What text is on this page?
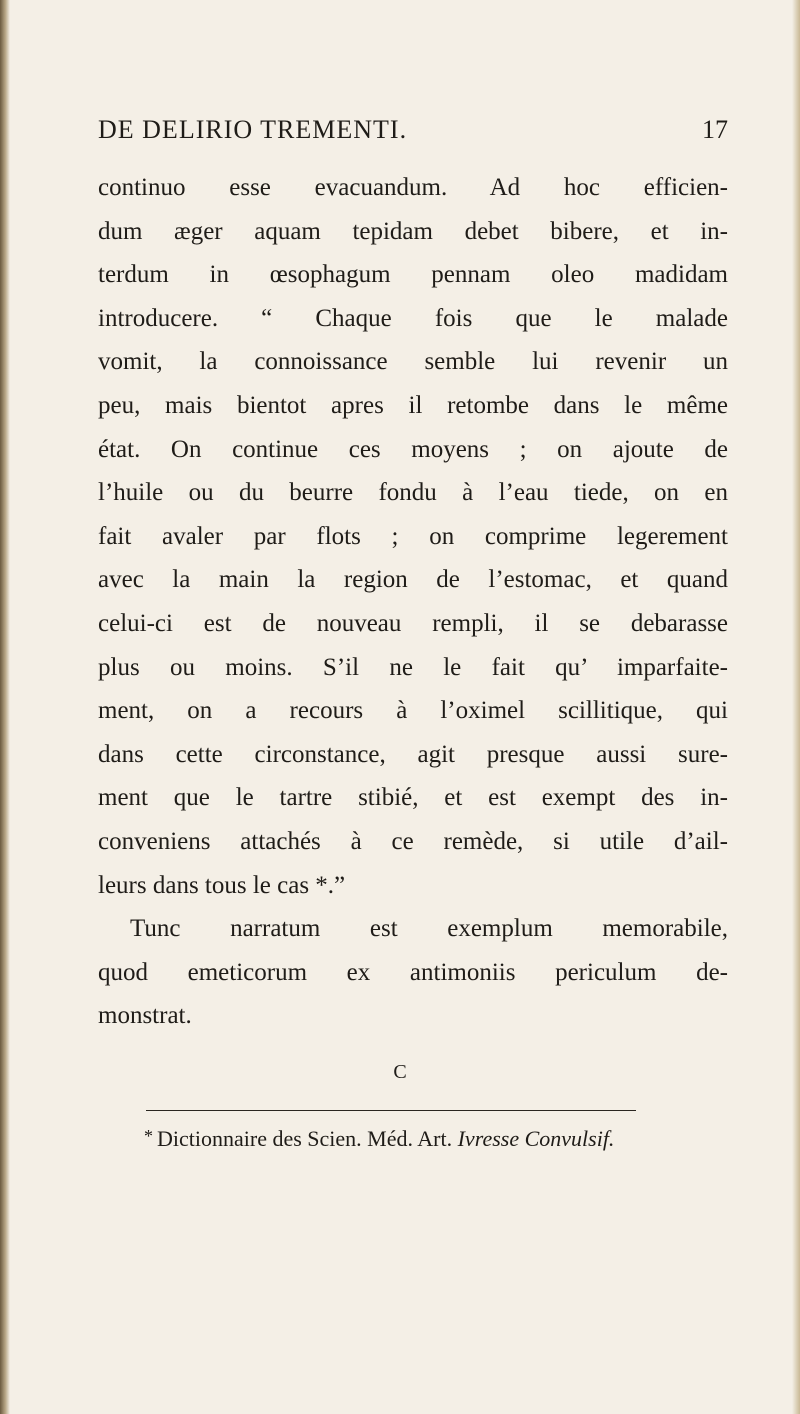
DE DELIRIO TREMENTI.	17
continuo esse evacuandum. Ad hoc efficien-
dum æger aquam tepidam debet bibere, et in-
terdum in œsophagum pennam oleo madidam
introducere. “ Chaque fois que le malade
vomit, la connoissance semble lui revenir un
peu, mais bientot apres il retombe dans le même
état. On continue ces moyens ; on ajoute de
l’huile ou du beurre fondu à l’eau tiede, on en
fait avaler par flots ; on comprime legerement
avec la main la region de l’estomac, et quand
celui-ci est de nouveau rempli, il se debarasse
plus ou moins. S’il ne le fait qu’ imparfaite-
ment, on a recours à l’oximel scillitique, qui
dans cette circonstance, agit presque aussi sure-
ment que le tartre stibié, et est exempt des in-
conveniens attachés à ce remède, si utile d’ail-
leurs dans tous le cas *.”
Tunc narratum est exemplum memorabile,
quod emeticorum ex antimoniis periculum de-
monstrat.
C
* Dictionnaire des Scien. Méd. Art. Ivresse Convulsif.
